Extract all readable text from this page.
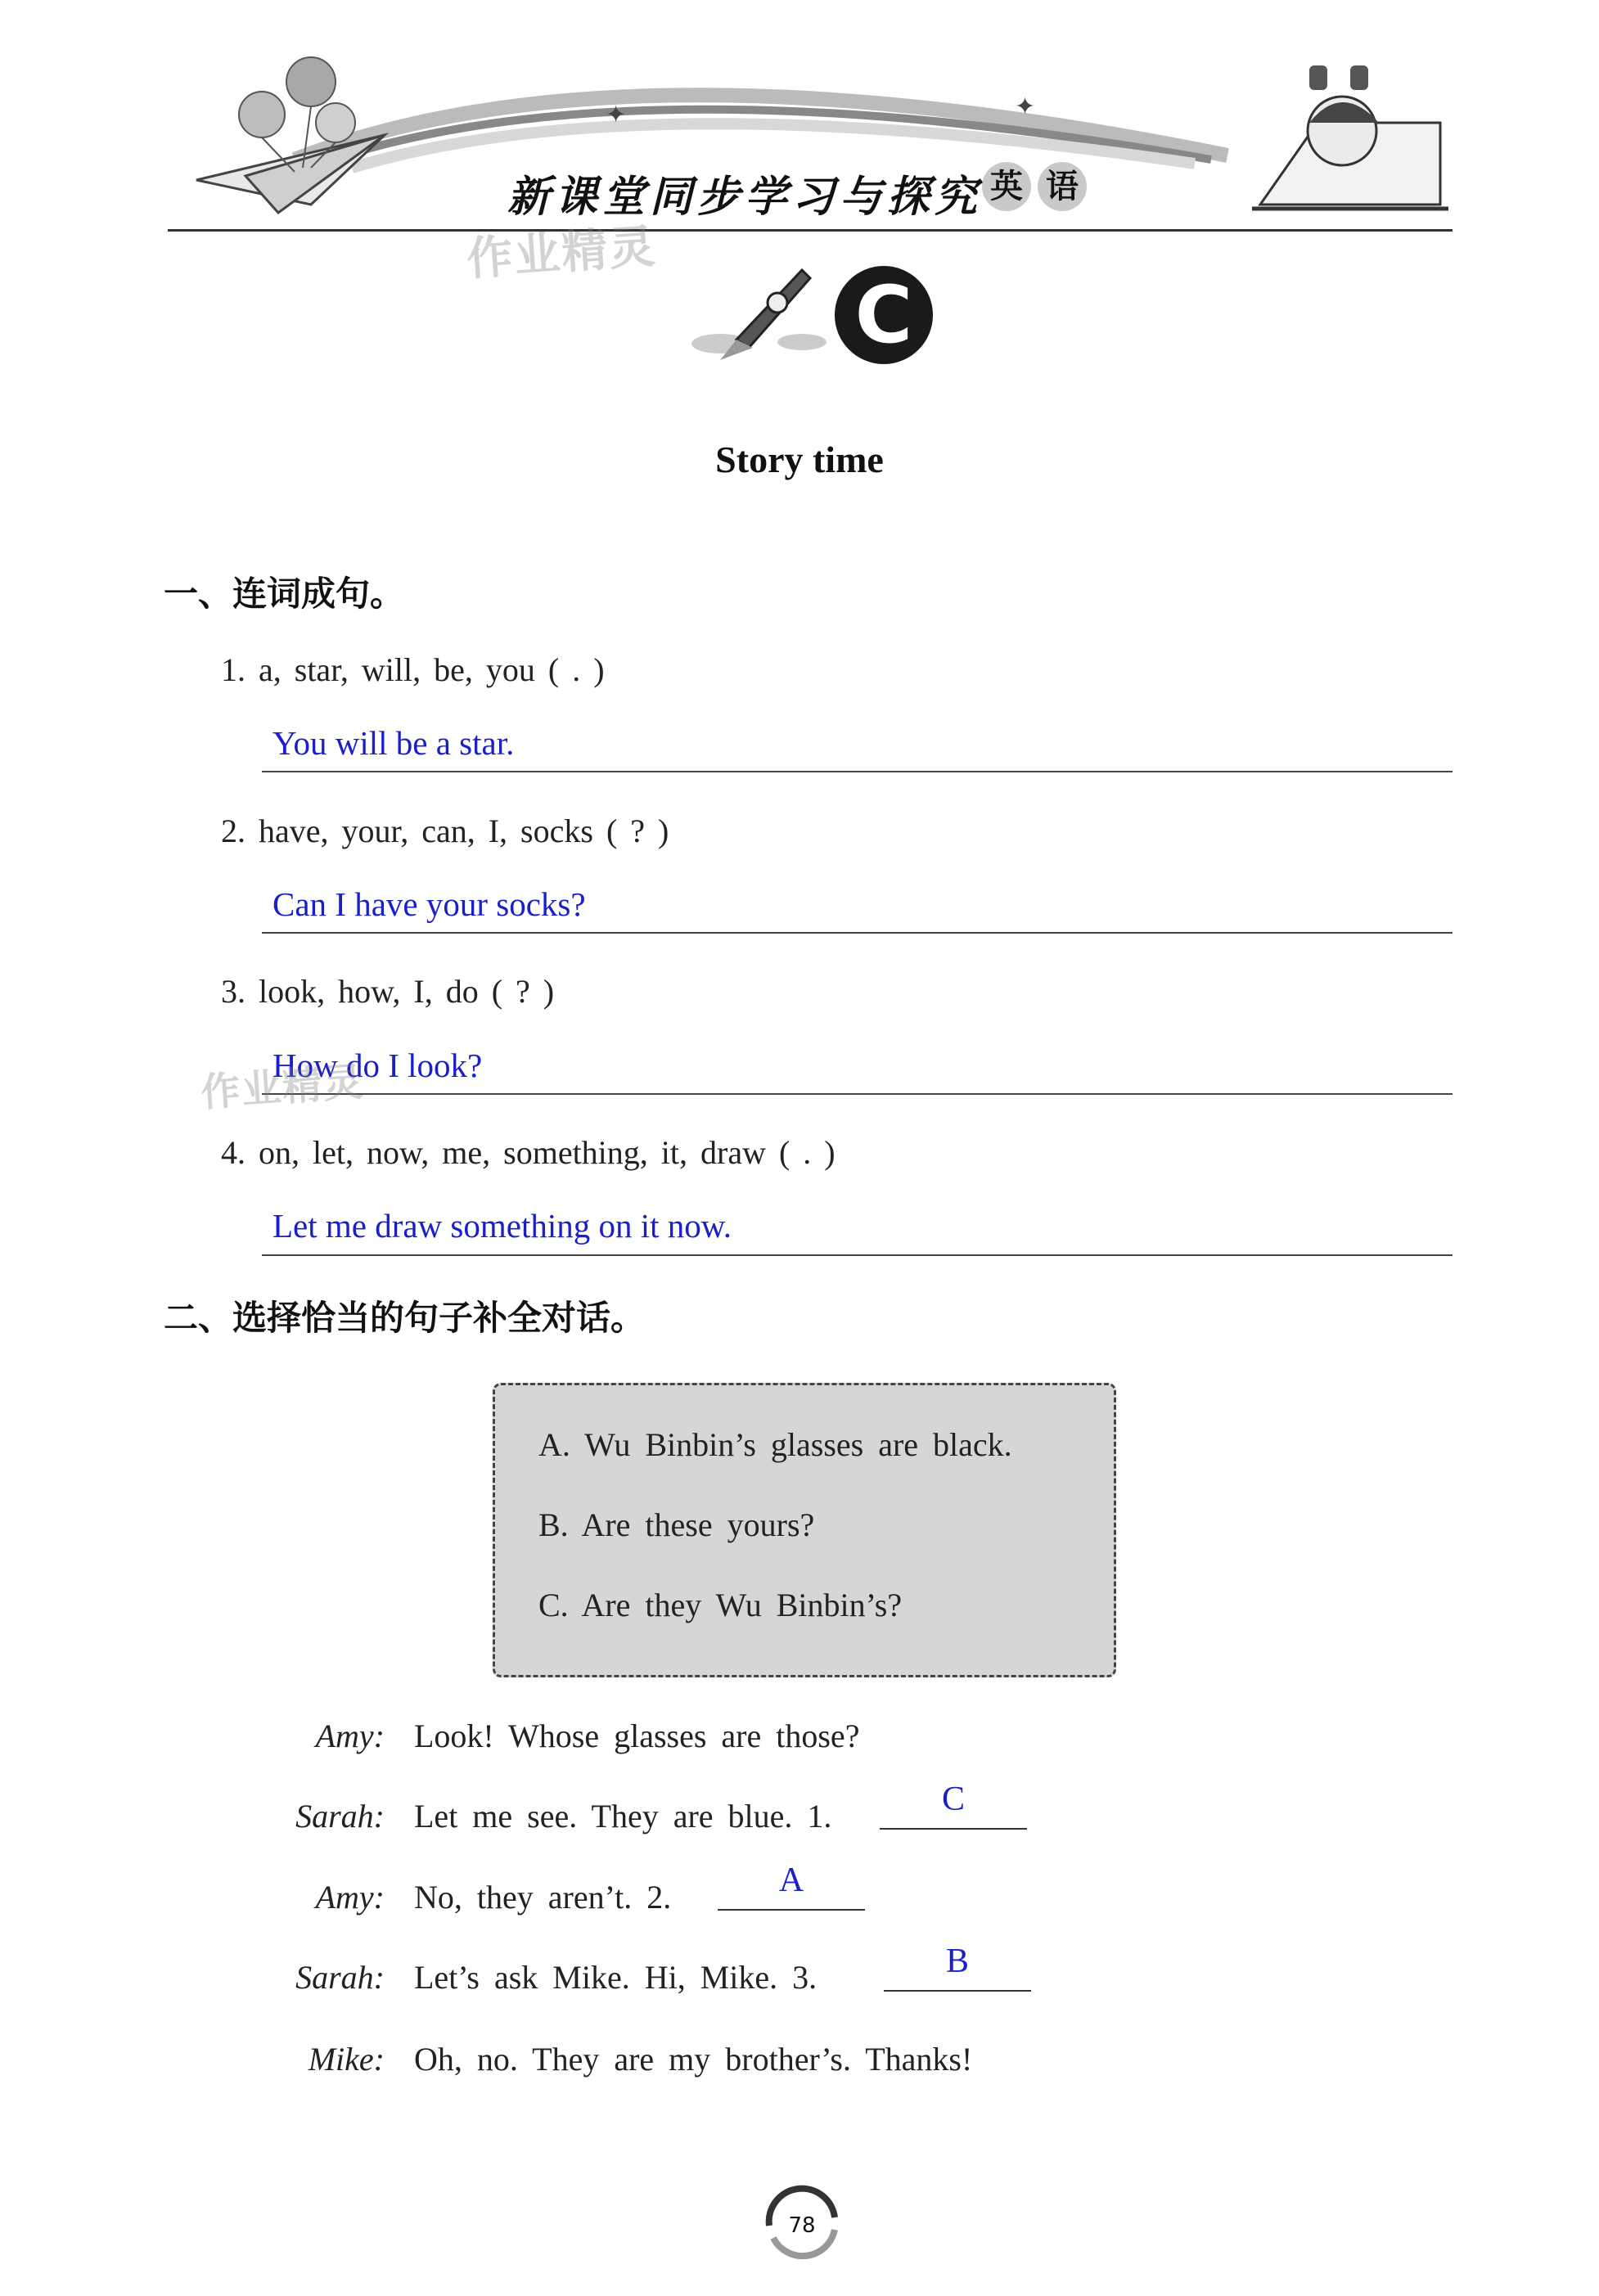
✦	✦
新课堂同步学习与探究 英 语
作业精灵
C
Story time
一、连词成句。
1. a, star, will, be, you ( . )
You will be a star.
2. have, your, can, I, socks ( ? )
Can I have your socks?
3. look, how, I, do ( ? )
How do I look?
作业精灵
4. on, let, now, me, something, it, draw ( . )
Let me draw something on it now.
二、选择恰当的句子补全对话。
A. Wu Binbin’s glasses are black.
B. Are these yours?
C. Are they Wu Binbin’s?
Amy: Look! Whose glasses are those?
Sarah: Let me see. They are blue. 1.	C
Amy: No, they aren’t. 2.	A
Sarah: Let’s ask Mike. Hi, Mike. 3.	B
Mike: Oh, no. They are my brother’s. Thanks!
78
